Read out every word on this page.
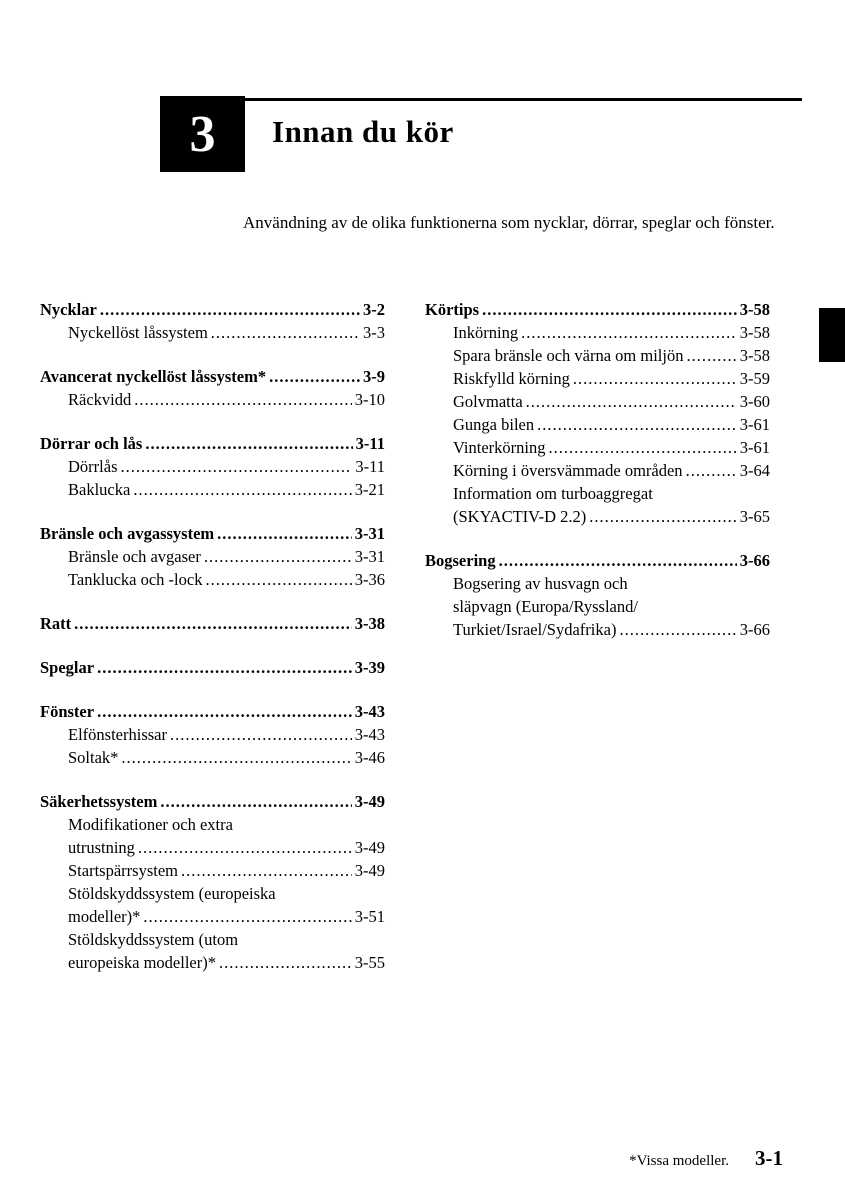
3 Innan du kör

Användning av de olika funktionerna som nycklar, dörrar, speglar och fönster.

Nycklar .....	3-2
Nyckellöst låssystem .....	3-3
Avancerat nyckellöst låssystem* .....	3-9
Räckvidd .....	3-10
Dörrar och lås .....	3-11
Dörrlås .....	3-11
Baklucka .....	3-21
Bränsle och avgassystem .....	3-31
Bränsle och avgaser .....	3-31
Tanklucka och -lock .....	3-36
Ratt .....	3-38
Speglar .....	3-39
Fönster .....	3-43
Elfönsterhissar .....	3-43
Soltak* .....	3-46
Säkerhetssystem .....	3-49
Modifikationer och extra
utrustning .....	3-49
Startspärrsystem .....	3-49
Stöldskyddssystem (europeiska
modeller)* .....	3-51
Stöldskyddssystem (utom
europeiska modeller)* .....	3-55
Körtips .....	3-58
Inkörning .....	3-58
Spara bränsle och värna om miljön .....	3-58
Riskfylld körning .....	3-59
Golvmatta .....	3-60
Gunga bilen .....	3-61
Vinterkörning .....	3-61
Körning i översvämmade områden .....	3-64
Information om turboaggregat
(SKYACTIV-D 2.2) .....	3-65
Bogsering .....	3-66
Bogsering av husvagn och
släpvagn (Europa/Ryssland/
Turkiet/Israel/Sydafrika) .....	3-66
*Vissa modeller. 3-1
